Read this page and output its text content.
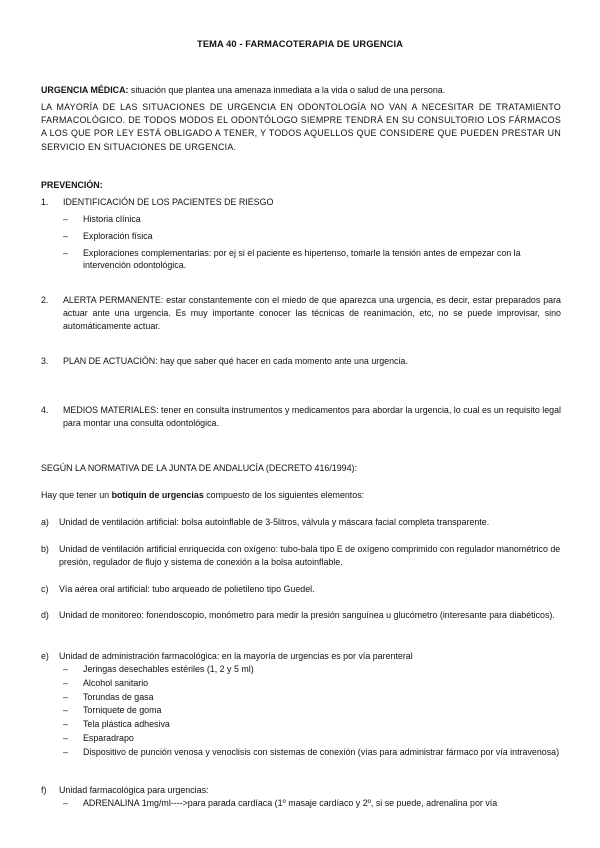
TEMA 40 - FARMACOTERAPIA DE URGENCIA
URGENCIA MÉDICA: situación que plantea una amenaza inmediata a la vida o salud de una persona.
LA MAYORÍA DE LAS SITUACIONES DE URGENCIA EN ODONTOLOGÍA NO VAN A NECESITAR DE TRATAMIENTO FARMACOLÓGICO. DE TODOS MODOS EL ODONTÓLOGO SIEMPRE TENDRÁ EN SU CONSULTORIO LOS FÁRMACOS A LOS QUE POR LEY ESTÁ OBLIGADO A TENER, Y TODOS AQUELLOS QUE CONSIDERE QUE PUEDEN PRESTAR UN SERVICIO EN SITUACIONES DE URGENCIA.
PREVENCIÓN:
1. IDENTIFICACIÓN DE LOS PACIENTES DE RIESGO
– Historia clínica
– Exploración física
– Exploraciones complementarias: por ej si el paciente es hipertenso, tomarle la tensión antes de empezar con la intervención odontológica.
2. ALERTA PERMANENTE: estar constantemente con el miedo de que aparezca una urgencia, es decir, estar preparados para actuar ante una urgencia. Es muy importante conocer las técnicas de reanimación, etc, no se puede improvisar, sino automáticamente actuar.
3. PLAN DE ACTUACIÓN: hay que saber qué hacer en cada momento ante una urgencia.
4. MEDIOS MATERIALES: tener en consulta instrumentos y medicamentos para abordar la urgencia, lo cual es un requisito legal para montar una consulta odontológica.
SEGÚN LA NORMATIVA DE LA JUNTA DE ANDALUCÍA (DECRETO 416/1994):
Hay que tener un botiquín de urgencias compuesto de los siguientes elementos:
a) Unidad de ventilación artificial: bolsa autoinflable de 3-5litros, válvula y máscara facial completa transparente.
b) Unidad de ventilación artificial enriquecida con oxígeno: tubo-bala tipo E de oxígeno comprimido con regulador manométrico de presión, regulador de flujo y sistema de conexión a la bolsa autoinflable.
c) Vía aérea oral artificial: tubo arqueado de polietileno tipo Guedel.
d) Unidad de monitoreo: fonendoscopio, monómetro para medir la presión sanguínea u glucómetro (interesante para diabéticos).
e) Unidad de administración farmacológica: en la mayoría de urgencias es por vía parenteral
– Jeringas desechables estériles (1, 2 y 5 ml)
– Alcohol sanitario
– Torundas de gasa
– Torniquete de goma
– Tela plástica adhesiva
– Esparadrapo
– Dispositivo de punción venosa y venoclisis con sistemas de conexión (vías para administrar fármaco por vía intravenosa)
f) Unidad farmacológica para urgencias:
– ADRENALINA 1mg/ml---->para parada cardíaca (1º masaje cardíaco y 2º, si se puede, adrenalina por vía
